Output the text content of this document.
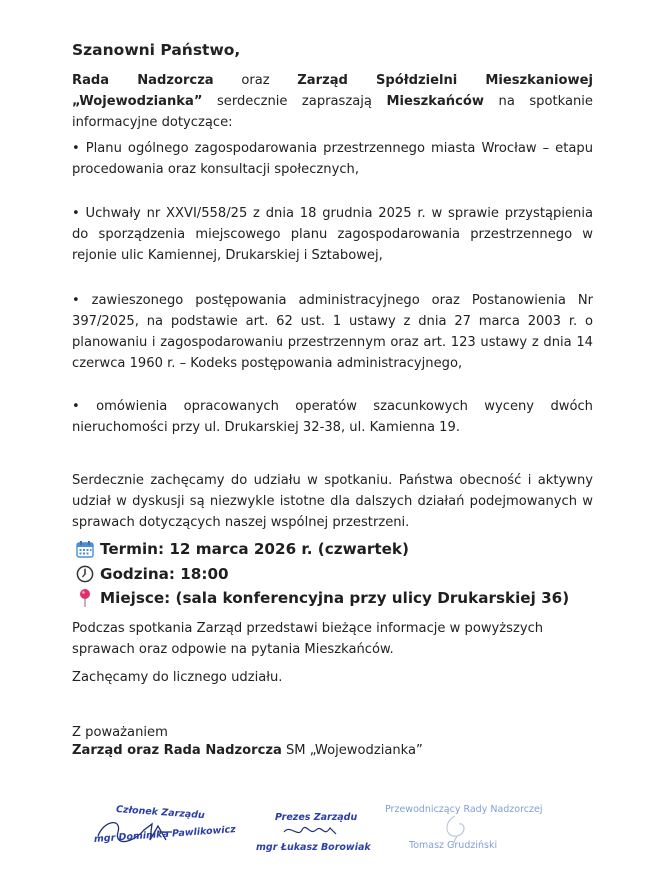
Szanowni Państwo,
Rada Nadzorcza oraz Zarząd Spółdzielni Mieszkaniowej „Wojewodzianka” serdecznie zapraszają Mieszkańców na spotkanie informacyjne dotyczące:
• Planu ogólnego zagospodarowania przestrzennego miasta Wrocław – etapu procedowania oraz konsultacji społecznych,
• Uchwały nr XXVI/558/25 z dnia 18 grudnia 2025 r. w sprawie przystąpienia do sporządzenia miejscowego planu zagospodarowania przestrzennego w rejonie ulic Kamiennej, Drukarskiej i Sztabowej,
• zawieszonego postępowania administracyjnego oraz Postanowienia Nr 397/2025, na podstawie art. 62 ust. 1 ustawy z dnia 27 marca 2003 r. o planowaniu i zagospodarowaniu przestrzennym oraz art. 123 ustawy z dnia 14 czerwca 1960 r. – Kodeks postępowania administracyjnego,
• omówienia opracowanych operatów szacunkowych wyceny dwóch nieruchomości przy ul. Drukarskiej 32-38, ul. Kamienna 19.
Serdecznie zachęcamy do udziału w spotkaniu. Państwa obecność i aktywny udział w dyskusji są niezwykle istotne dla dalszych działań podejmowanych w sprawach dotyczących naszej wspólnej przestrzeni.
Termin: 12 marca 2026 r. (czwartek)
Godzina: 18:00
Miejsce: (sala konferencyjna przy ulicy Drukarskiej 36)
Podczas spotkania Zarząd przedstawi bieżące informacje w powyższych sprawach oraz odpowie na pytania Mieszkańców.
Zachęcamy do licznego udziału.
Z poważaniem
Zarząd oraz Rada Nadzorcza SM „Wojewodzianka”
Członek Zarządu
mgr Dominika Pawlikowicz
Prezes Zarządu
mgr Łukasz Borowiak
Przewodniczący Rady Nadzorczej
Tomasz Grudziński
